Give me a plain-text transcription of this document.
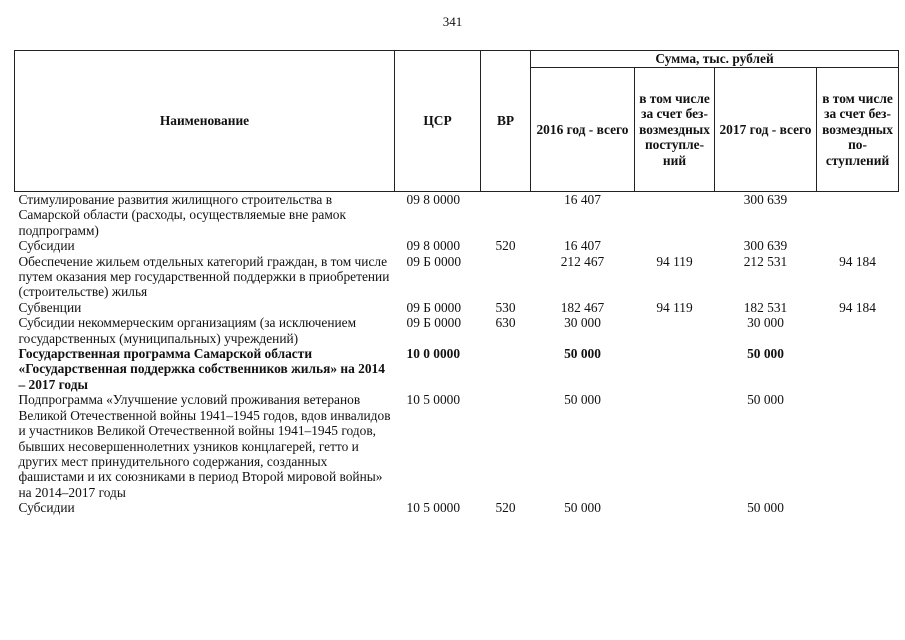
341
Наименование	ЦСР	ВР	Сумма, тыс. рублей			
			2016 год - всего	в том числе за счет безвозмездных поступлений	2017 год - всего	в том числе за счет безвозмездных поступлений
Стимулирование развития жилищного строительства в Самарской области (расходы, осуществляемые вне рамок подпрограмм)	09 8 0000		16 407		300 639	
Субсидии	09 8 0000	520	16 407		300 639	
Обеспечение жильем отдельных категорий граждан, в том числе путем оказания мер государственной поддержки в приобретении (строительстве) жилья	09 Б 0000		212 467	94 119	212 531	94 184
Субвенции	09 Б 0000	530	182 467	94 119	182 531	94 184
Субсидии некоммерческим организациям (за исключением государственных (муниципальных) учреждений)	09 Б 0000	630	30 000		30 000	
Государственная программа Самарской области «Государственная поддержка собственников жилья» на 2014 – 2017 годы	10 0 0000		50 000		50 000	
Подпрограмма «Улучшение условий проживания ветеранов Великой Отечественной войны 1941–1945 годов, вдов инвалидов и участников Великой Отечественной войны 1941–1945 годов, бывших несовершеннолетних узников концлагерей, гетто и других мест принудительного содержания, созданных фашистами и их союзниками в период Второй мировой войны» на 2014–2017 годы	10 5 0000		50 000		50 000	
Субсидии	10 5 0000	520	50 000		50 000	
